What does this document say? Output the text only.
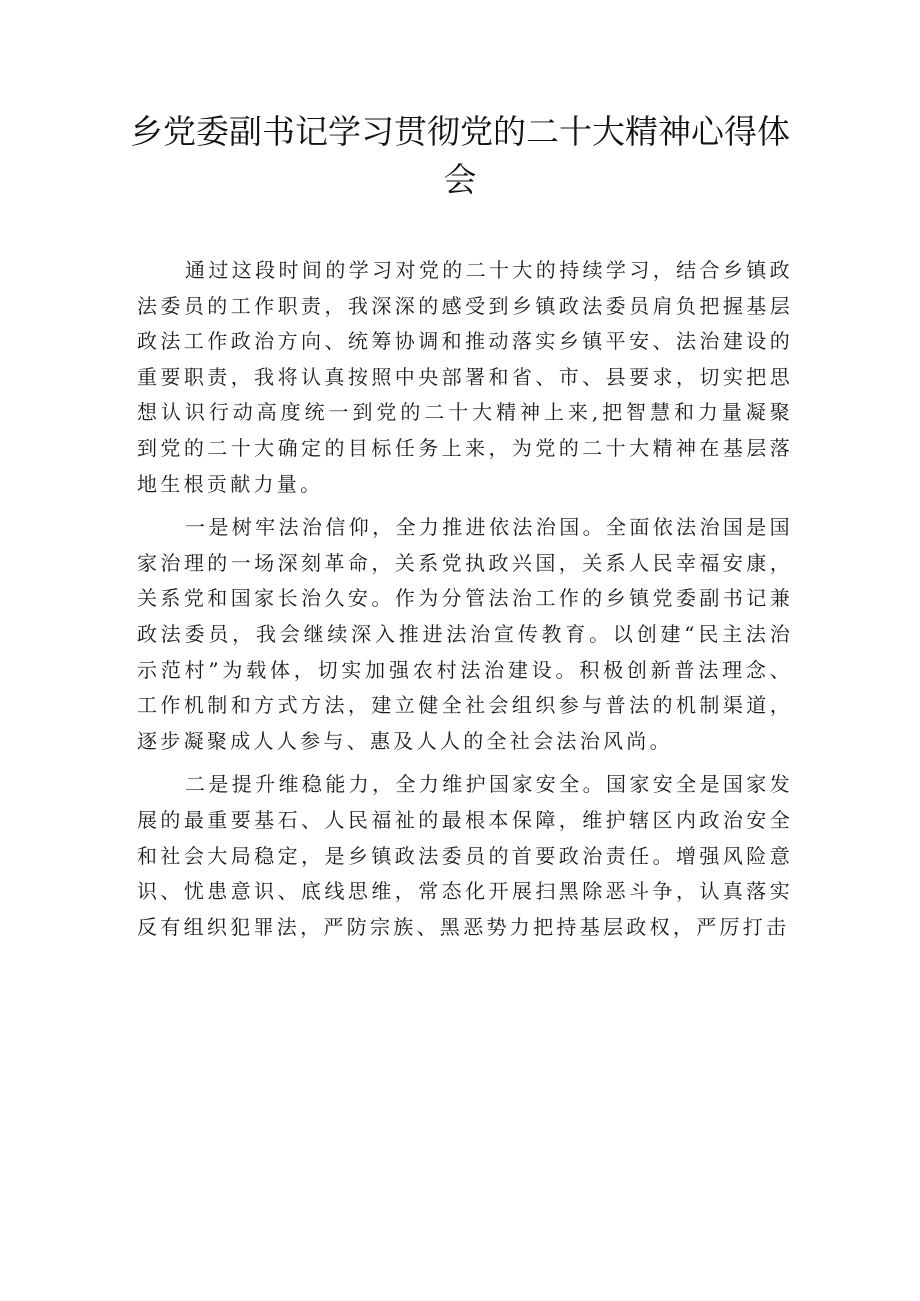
乡党委副书记学习贯彻党的二十大精神心得体会

通过这段时间的学习对党的二十大的持续学习，结合乡镇政法委员的工作职责，我深深的感受到乡镇政法委员肩负把握基层政法工作政治方向、统筹协调和推动落实乡镇平安、法治建设的重要职责，我将认真按照中央部署和省、市、县要求，切实把思想认识行动高度统一到党的二十大精神上来,把智慧和力量凝聚到党的二十大确定的目标任务上来，为党的二十大精神在基层落地生根贡献力量。

一是树牢法治信仰，全力推进依法治国。全面依法治国是国家治理的一场深刻革命，关系党执政兴国，关系人民幸福安康，关系党和国家长治久安。作为分管法治工作的乡镇党委副书记兼政法委员，我会继续深入推进法治宣传教育。以创建“民主法治示范村”为载体，切实加强农村法治建设。积极创新普法理念、工作机制和方式方法，建立健全社会组织参与普法的机制渠道，逐步凝聚成人人参与、惠及人人的全社会法治风尚。

二是提升维稳能力，全力维护国家安全。国家安全是国家发展的最重要基石、人民福祉的最根本保障，维护辖区内政治安全和社会大局稳定，是乡镇政法委员的首要政治责任。增强风险意识、忧患意识、底线思维，常态化开展扫黑除恶斗争，认真落实反有组织犯罪法，严防宗族、黑恶势力把持基层政权，严厉打击
